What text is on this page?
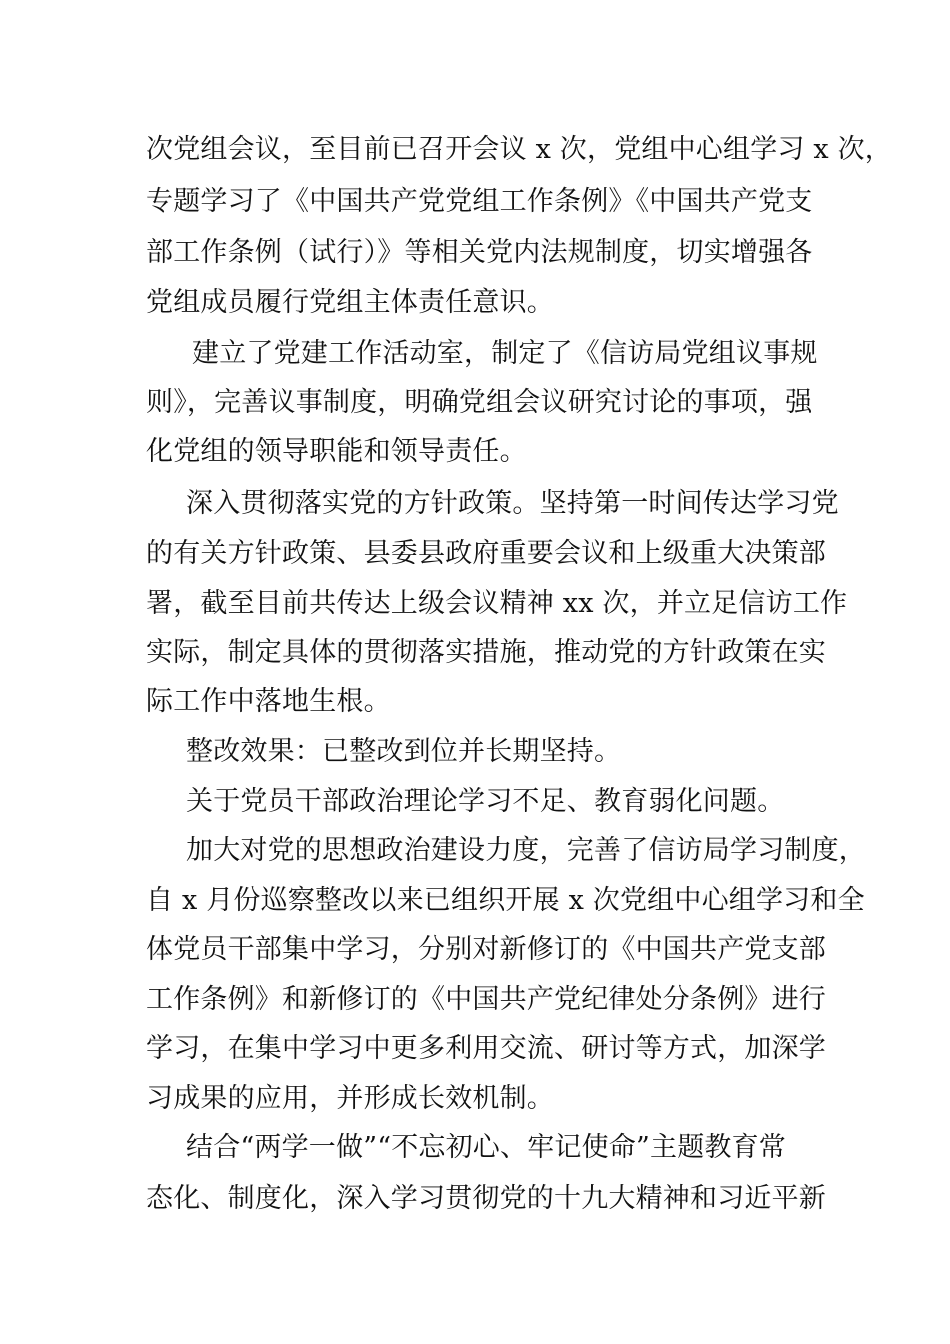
次党组会议，至目前已召开会议 x 次，党组中心组学习 x 次，
专题学习了《中国共产党党组工作条例》《中国共产党支
部工作条例（试行）》等相关党内法规制度，切实增强各
党组成员履行党组主体责任意识。
建立了党建工作活动室，制定了《信访局党组议事规
则》，完善议事制度，明确党组会议研究讨论的事项，强
化党组的领导职能和领导责任。
深入贯彻落实党的方针政策。坚持第一时间传达学习党
的有关方针政策、县委县政府重要会议和上级重大决策部
署，截至目前共传达上级会议精神 xx 次，并立足信访工作
实际，制定具体的贯彻落实措施，推动党的方针政策在实
际工作中落地生根。
整改效果：已整改到位并长期坚持。
关于党员干部政治理论学习不足、教育弱化问题。
加大对党的思想政治建设力度，完善了信访局学习制度，
自 x 月份巡察整改以来已组织开展 x 次党组中心组学习和全
体党员干部集中学习，分别对新修订的《中国共产党支部
工作条例》和新修订的《中国共产党纪律处分条例》进行
学习，在集中学习中更多利用交流、研讨等方式，加深学
习成果的应用，并形成长效机制。
结合“两学一做”“不忘初心、牢记使命”主题教育常
态化、制度化，深入学习贯彻党的十九大精神和习近平新
